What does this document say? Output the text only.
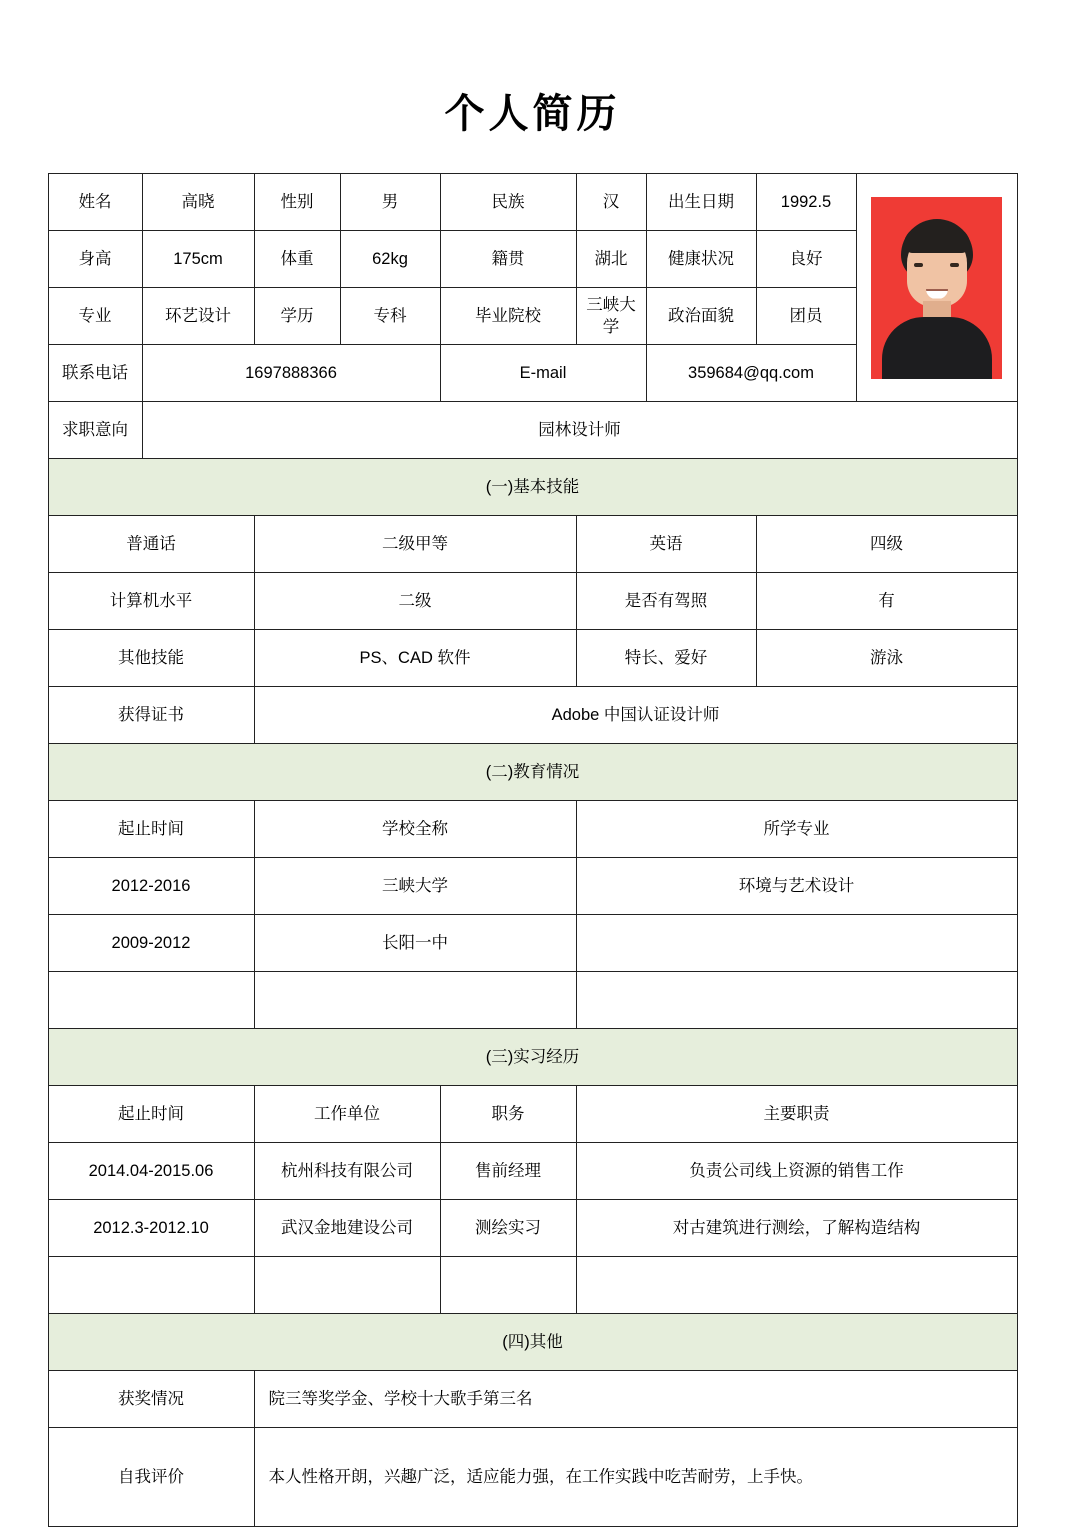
个人简历
姓名	高晓	性别	男	民族	汉	出生日期	1992.5	

身高	175cm	体重	62kg	籍贯	湖北	健康状况	良好	
专业	环艺设计	学历	专科	毕业院校	三峡大学	政治面貌	团员	
联系电话	1697888366			E-mail		359684@qq.com		
求职意向	园林设计师							
(一)基本技能								
普通话		二级甲等			英语		四级	
计算机水平		二级			是否有驾照		有	
其他技能		PS、CAD 软件			特长、爱好		游泳	
获得证书		Adobe 中国认证设计师						
(二)教育情况								
起止时间		学校全称			所学专业			
2012-2016		三峡大学			环境与艺术设计			
2009-2012		长阳一中						

(三)实习经历								
起止时间		工作单位		职务	主要职责			
2014.04-2015.06		杭州科技有限公司		售前经理	负责公司线上资源的销售工作			
2012.3-2012.10		武汉金地建设公司		测绘实习	对古建筑进行测绘，了解构造结构			

(四)其他								
获奖情况		院三等奖学金、学校十大歌手第三名						
自我评价		本人性格开朗，兴趣广泛，适应能力强，在工作实践中吃苦耐劳，上手快。						
